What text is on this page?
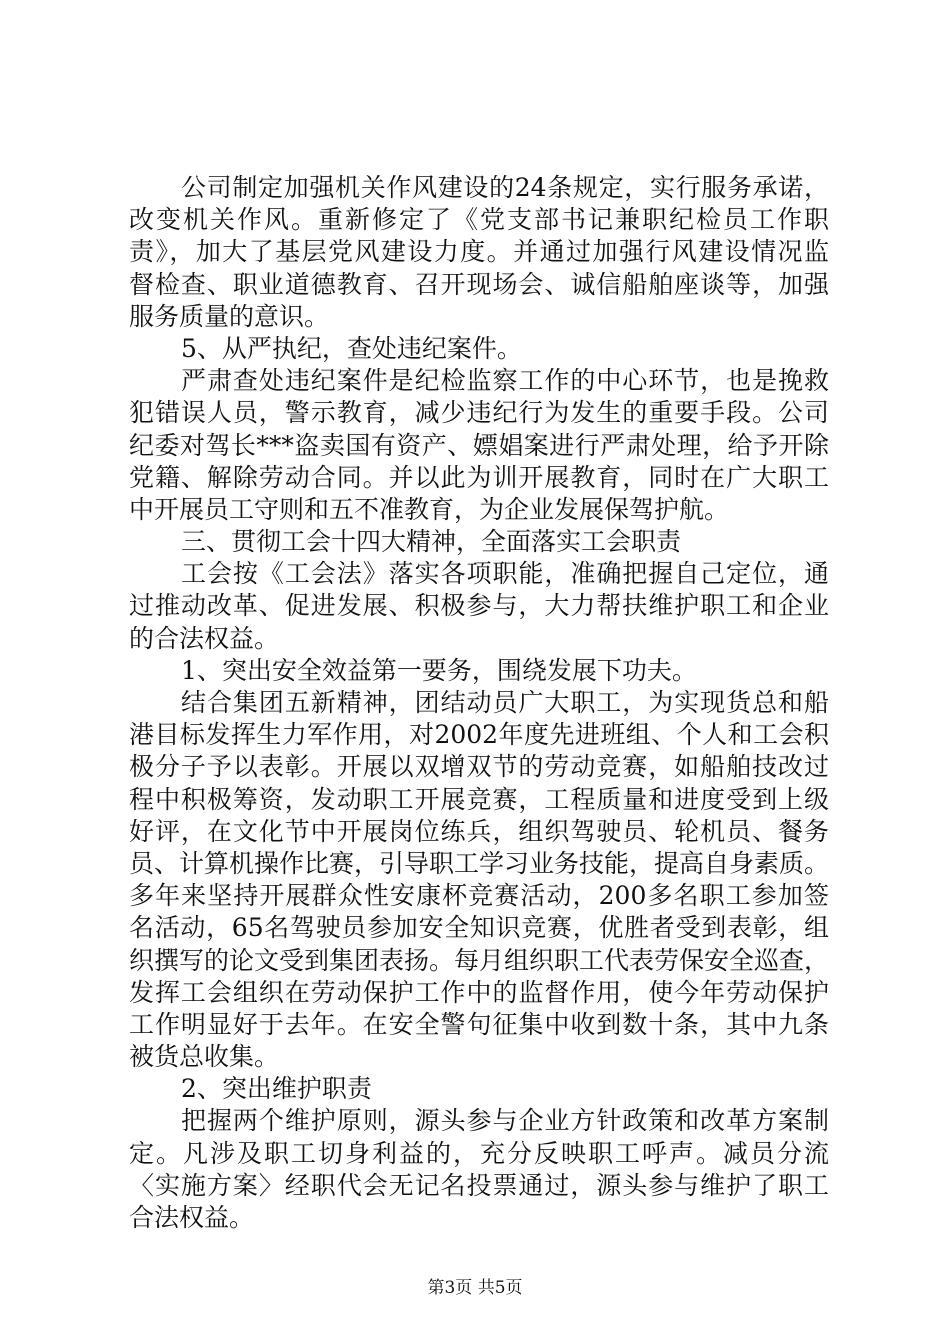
公司制定加强机关作风建设的24条规定，实行服务承诺，
改变机关作风。重新修定了《党支部书记兼职纪检员工作职
责》，加大了基层党风建设力度。并通过加强行风建设情况监
督检查、职业道德教育、召开现场会、诚信船舶座谈等，加强
服务质量的意识。
5、从严执纪，查处违纪案件。
严肃查处违纪案件是纪检监察工作的中心环节，也是挽救
犯错误人员，警示教育，减少违纪行为发生的重要手段。公司
纪委对驾长***盗卖国有资产、嫖娼案进行严肃处理，给予开除
党籍、解除劳动合同。并以此为训开展教育，同时在广大职工
中开展员工守则和五不准教育，为企业发展保驾护航。
三、贯彻工会十四大精神，全面落实工会职责
工会按《工会法》落实各项职能，准确把握自己定位，通
过推动改革、促进发展、积极参与，大力帮扶维护职工和企业
的合法权益。
1、突出安全效益第一要务，围绕发展下功夫。
结合集团五新精神，团结动员广大职工，为实现货总和船
港目标发挥生力军作用，对2002年度先进班组、个人和工会积
极分子予以表彰。开展以双增双节的劳动竞赛，如船舶技改过
程中积极筹资，发动职工开展竞赛，工程质量和进度受到上级
好评，在文化节中开展岗位练兵，组织驾驶员、轮机员、餐务
员、计算机操作比赛，引导职工学习业务技能，提高自身素质。
多年来坚持开展群众性安康杯竞赛活动，200多名职工参加签
名活动，65名驾驶员参加安全知识竞赛，优胜者受到表彰，组
织撰写的论文受到集团表扬。每月组织职工代表劳保安全巡查，
发挥工会组织在劳动保护工作中的监督作用，使今年劳动保护
工作明显好于去年。在安全警句征集中收到数十条，其中九条
被货总收集。
2、突出维护职责
把握两个维护原则，源头参与企业方针政策和改革方案制
定。凡涉及职工切身利益的，充分反映职工呼声。减员分流
〈实施方案〉经职代会无记名投票通过，源头参与维护了职工
合法权益。
第3页 共5页
